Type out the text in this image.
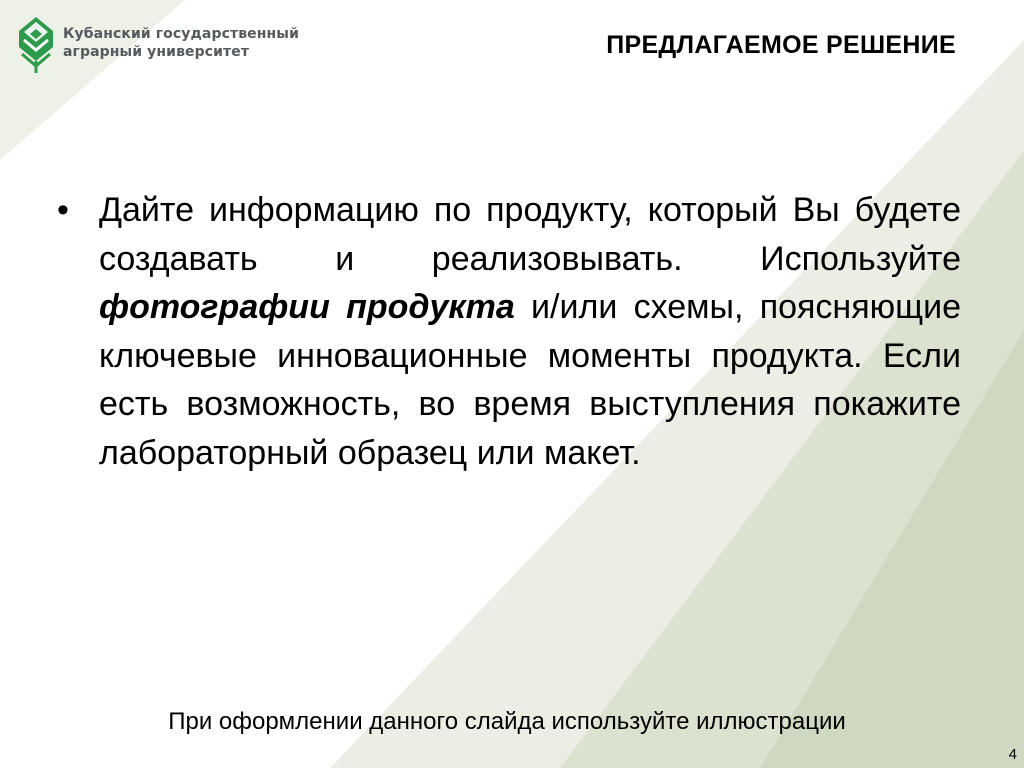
Кубанский государственный
аграрный университет	ПРЕДЛАГАЕМОЕ РЕШЕНИЕ
• Дайте информацию по продукту, который Вы будете создавать и реализовывать. Используйте фотографии продукта и/или схемы, поясняющие ключевые инновационные моменты продукта. Если есть возможность, во время выступления покажите лабораторный образец или макет.

При оформлении данного слайда используйте иллюстрации
4
